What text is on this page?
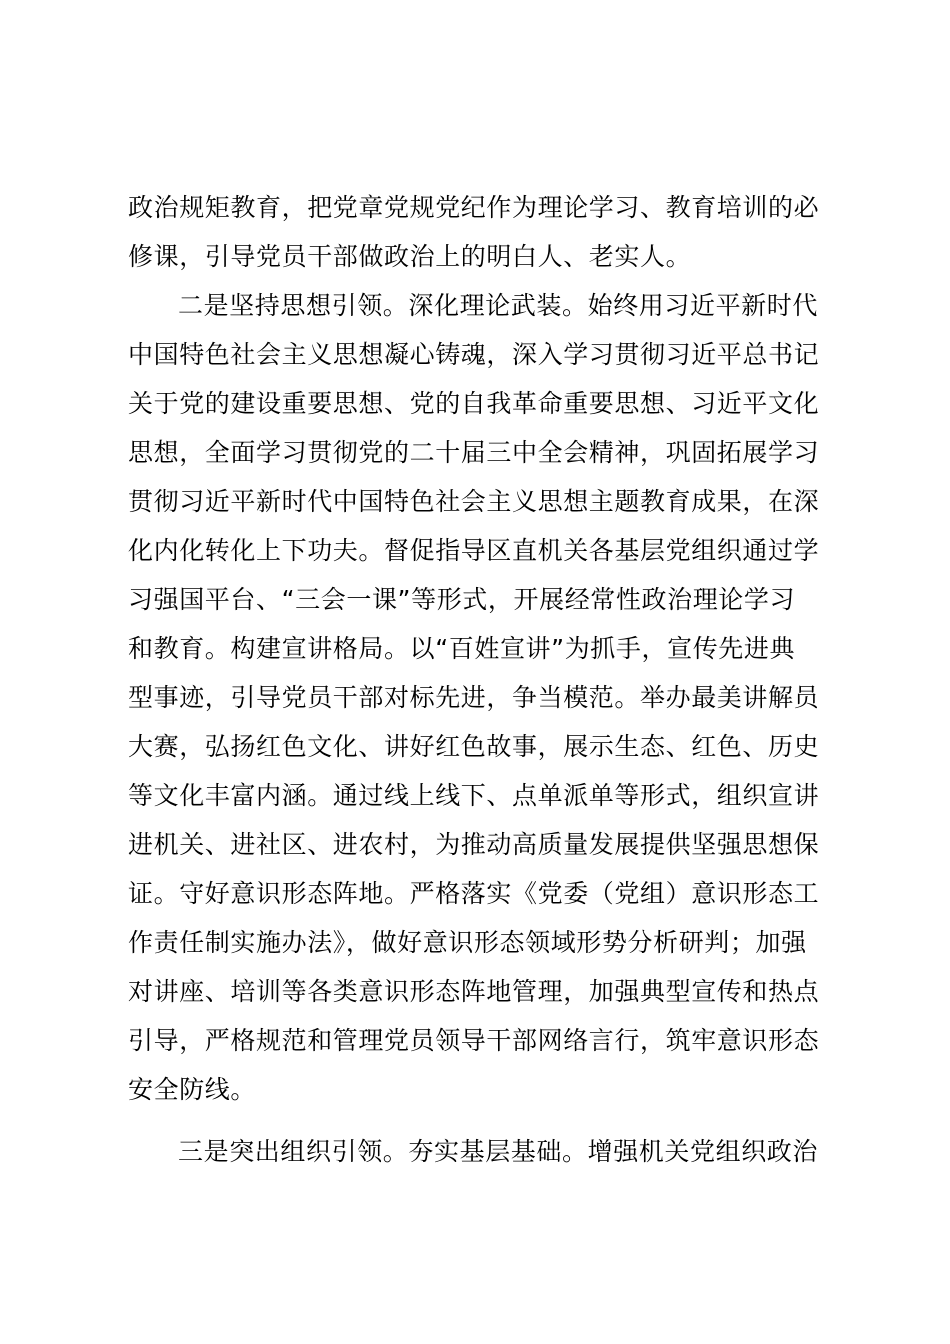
政治规矩教育，把党章党规党纪作为理论学习、教育培训的必
修课，引导党员干部做政治上的明白人、老实人。
二是坚持思想引领。深化理论武装。始终用习近平新时代
中国特色社会主义思想凝心铸魂，深入学习贯彻习近平总书记
关于党的建设重要思想、党的自我革命重要思想、习近平文化
思想，全面学习贯彻党的二十届三中全会精神，巩固拓展学习
贯彻习近平新时代中国特色社会主义思想主题教育成果，在深
化内化转化上下功夫。督促指导区直机关各基层党组织通过学
习强国平台、“三会一课”等形式，开展经常性政治理论学习
和教育。构建宣讲格局。以“百姓宣讲”为抓手，宣传先进典
型事迹，引导党员干部对标先进，争当模范。举办最美讲解员
大赛，弘扬红色文化、讲好红色故事，展示生态、红色、历史
等文化丰富内涵。通过线上线下、点单派单等形式，组织宣讲
进机关、进社区、进农村，为推动高质量发展提供坚强思想保
证。守好意识形态阵地。严格落实《党委（党组）意识形态工
作责任制实施办法》，做好意识形态领域形势分析研判；加强
对讲座、培训等各类意识形态阵地管理，加强典型宣传和热点
引导，严格规范和管理党员领导干部网络言行，筑牢意识形态
安全防线。
三是突出组织引领。夯实基层基础。增强机关党组织政治
